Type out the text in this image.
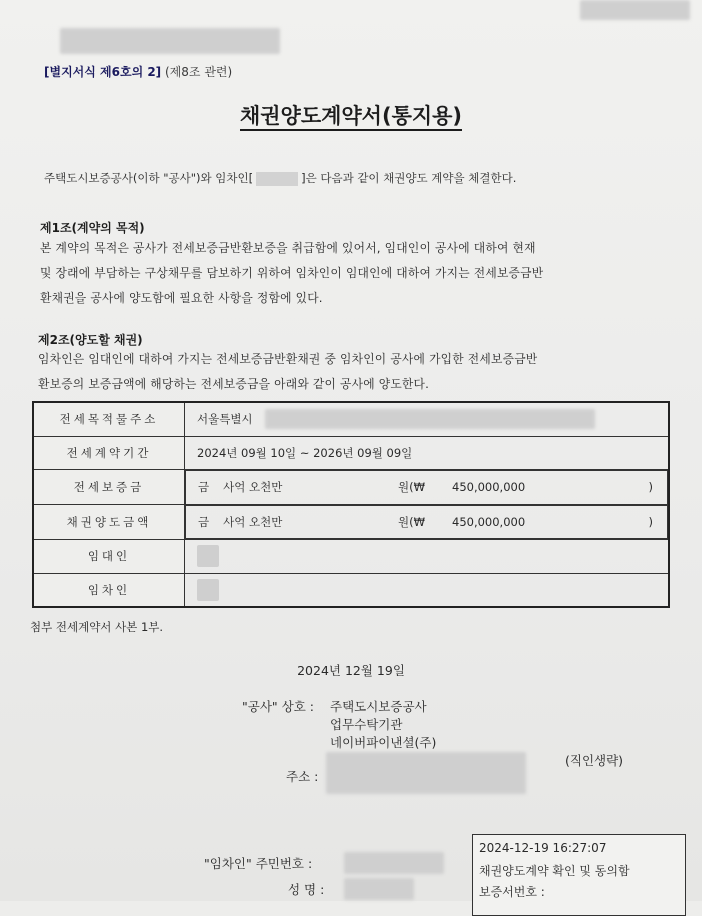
[별지서식 제6호의 2] (제8조 관련)
채권양도계약서(통지용)
주택도시보증공사(이하 "공사")와 임차인[	]은 다음과 같이 채권양도 계약을 체결한다.
제1조(계약의 목적)
본 계약의 목적은 공사가 전세보증금반환보증을 취급함에 있어서, 임대인이 공사에 대하여 현재
및 장래에 부담하는 구상채무를 담보하기 위하여 임차인이 임대인에 대하여 가지는 전세보증금반
환채권을 공사에 양도함에 필요한 사항을 정함에 있다.
제2조(양도할 채권)
임차인은 임대인에 대하여 가지는 전세보증금반환채권 중 임차인이 공사에 가입한 전세보증금반
환보증의 보증금액에 해당하는 전세보증금을 아래와 같이 공사에 양도한다.
전세목적물주소	서울특별시

전세계약기간	2024년 09월 10일 ~ 2026년 09월 09일
전세보증금		금 사억 오천만	원(₩ 450,000,000	)

채권양도금액		금 사억 오천만	원(₩ 450,000,000	)

임대인	
임차인	
첨부 전세계약서 사본 1부.
2024년 12월 19일
"공사" 상호 : 주택도시보증공사
업무수탁기관
네이버파이낸셜(주)
(직인생략)
주소 :
"임차인" 주민번호 :
성 명 :
2024-12-19 16:27:07
채권양도계약 확인 및 동의함
보증서번호 :
